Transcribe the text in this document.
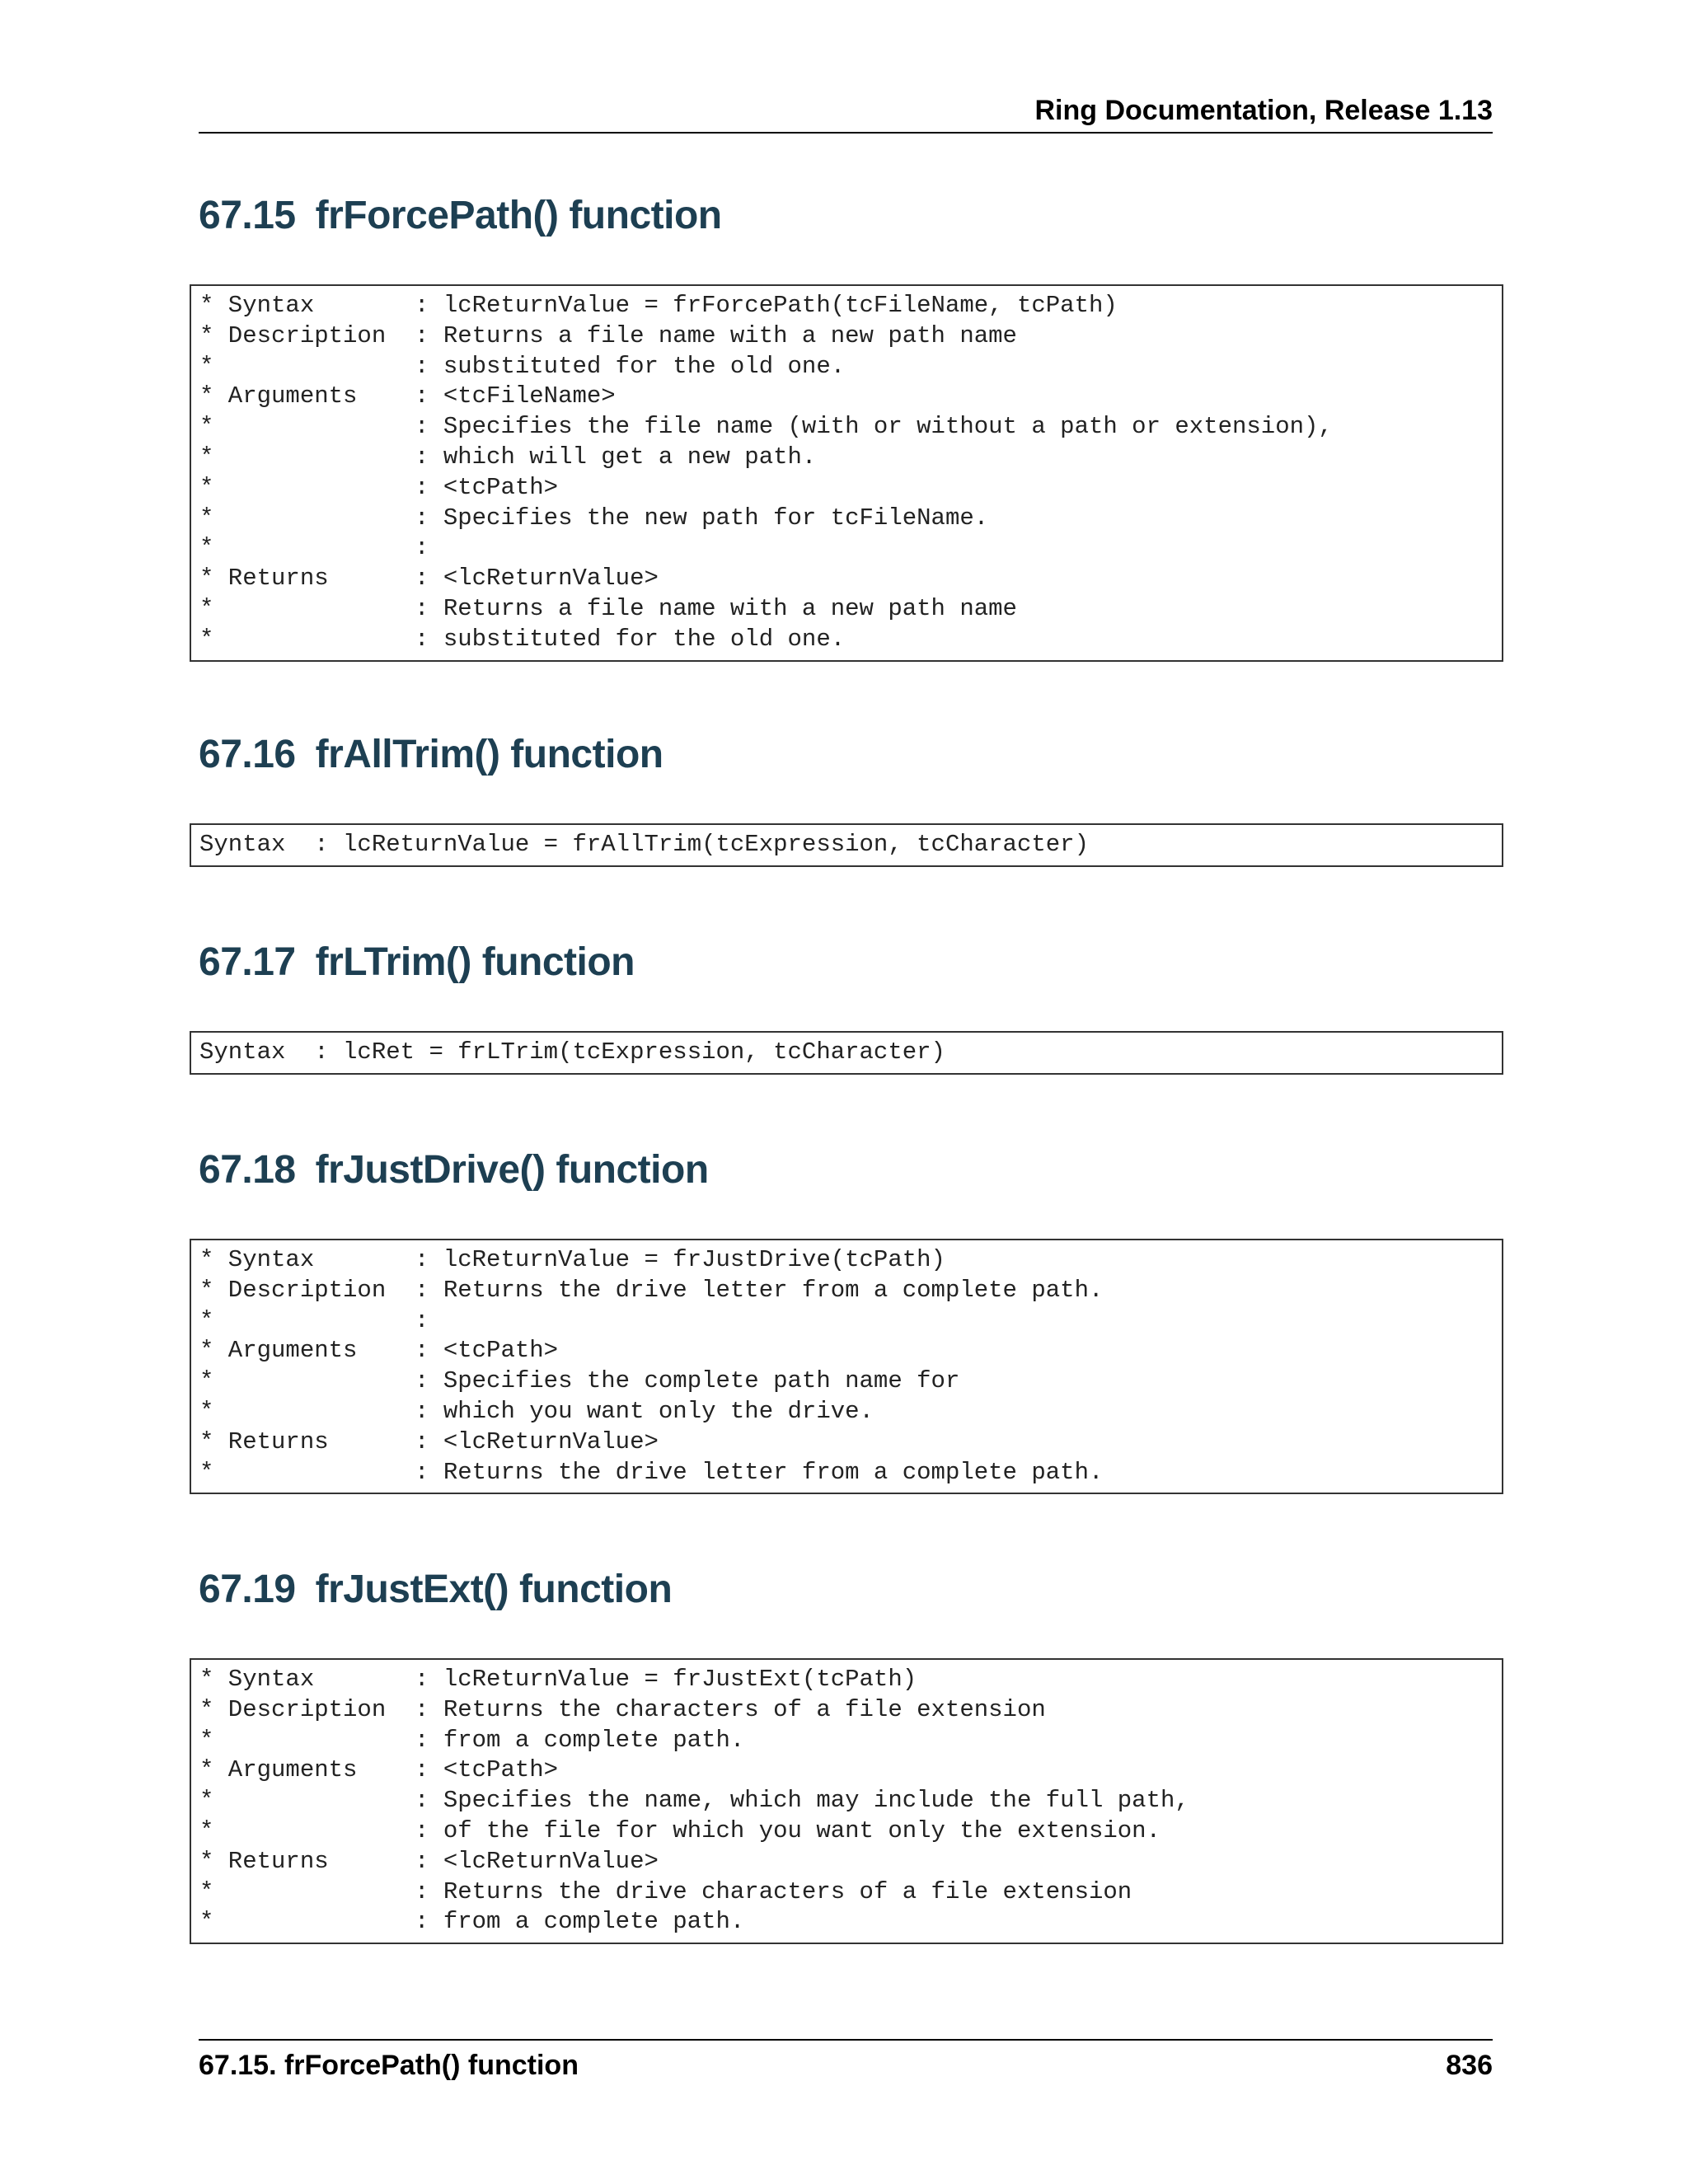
Ring Documentation, Release 1.13
67.15 frForcePath() function
* Syntax       : lcReturnValue = frForcePath(tcFileName, tcPath)
* Description  : Returns a file name with a new path name
*              : substituted for the old one.
* Arguments    : <tcFileName>
*              : Specifies the file name (with or without a path or extension),
*              : which will get a new path.
*              : <tcPath>
*              : Specifies the new path for tcFileName.
*              :
* Returns      : <lcReturnValue>
*              : Returns a file name with a new path name
*              : substituted for the old one.
67.16 frAllTrim() function
Syntax  : lcReturnValue = frAllTrim(tcExpression, tcCharacter)
67.17 frLTrim() function
Syntax  : lcRet = frLTrim(tcExpression, tcCharacter)
67.18 frJustDrive() function
* Syntax       : lcReturnValue = frJustDrive(tcPath)
* Description  : Returns the drive letter from a complete path.
*              :
* Arguments    : <tcPath>
*              : Specifies the complete path name for
*              : which you want only the drive.
* Returns      : <lcReturnValue>
*              : Returns the drive letter from a complete path.
67.19 frJustExt() function
* Syntax       : lcReturnValue = frJustExt(tcPath)
* Description  : Returns the characters of a file extension
*              : from a complete path.
* Arguments    : <tcPath>
*              : Specifies the name, which may include the full path,
*              : of the file for which you want only the extension.
* Returns      : <lcReturnValue>
*              : Returns the drive characters of a file extension
*              : from a complete path.
67.15. frForcePath() function	836
